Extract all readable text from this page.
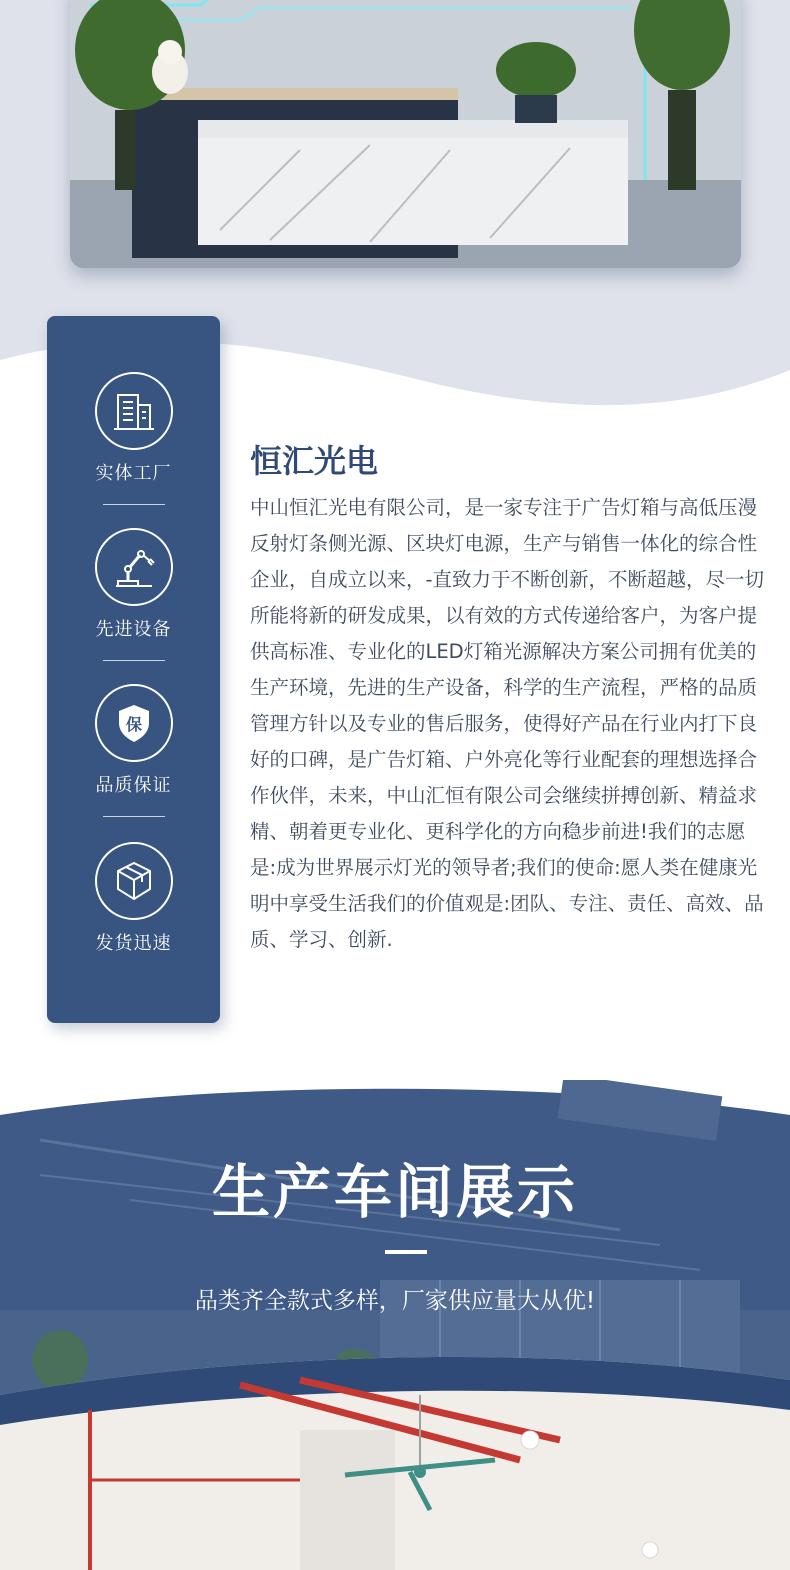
实体工厂
先进设备
保
品质保证
发货迅速
恒汇光电

中山恒汇光电有限公司，是一家专注于广告灯箱与高低压漫反射灯条侧光源、区块灯电源，生产与销售一体化的综合性企业，自成立以来，-直致力于不断创新，不断超越，尽一切所能将新的研发成果，以有效的方式传递给客户，为客户提供高标准、专业化的LED灯箱光源解决方案公司拥有优美的生产环境，先进的生产设备，科学的生产流程，严格的品质管理方针以及专业的售后服务，使得好产品在行业内打下良好的口碑，是广告灯箱、户外亮化等行业配套的理想选择合作伙伴，未来，中山汇恒有限公司会继续拼搏创新、精益求精、朝着更专业化、更科学化的方向稳步前进!我们的志愿是:成为世界展示灯光的领导者;我们的使命:愿人类在健康光明中享受生活我们的价值观是:团队、专注、责任、高效、品质、学习、创新.

生产车间展示
品类齐全款式多样，厂家供应量大从优!
